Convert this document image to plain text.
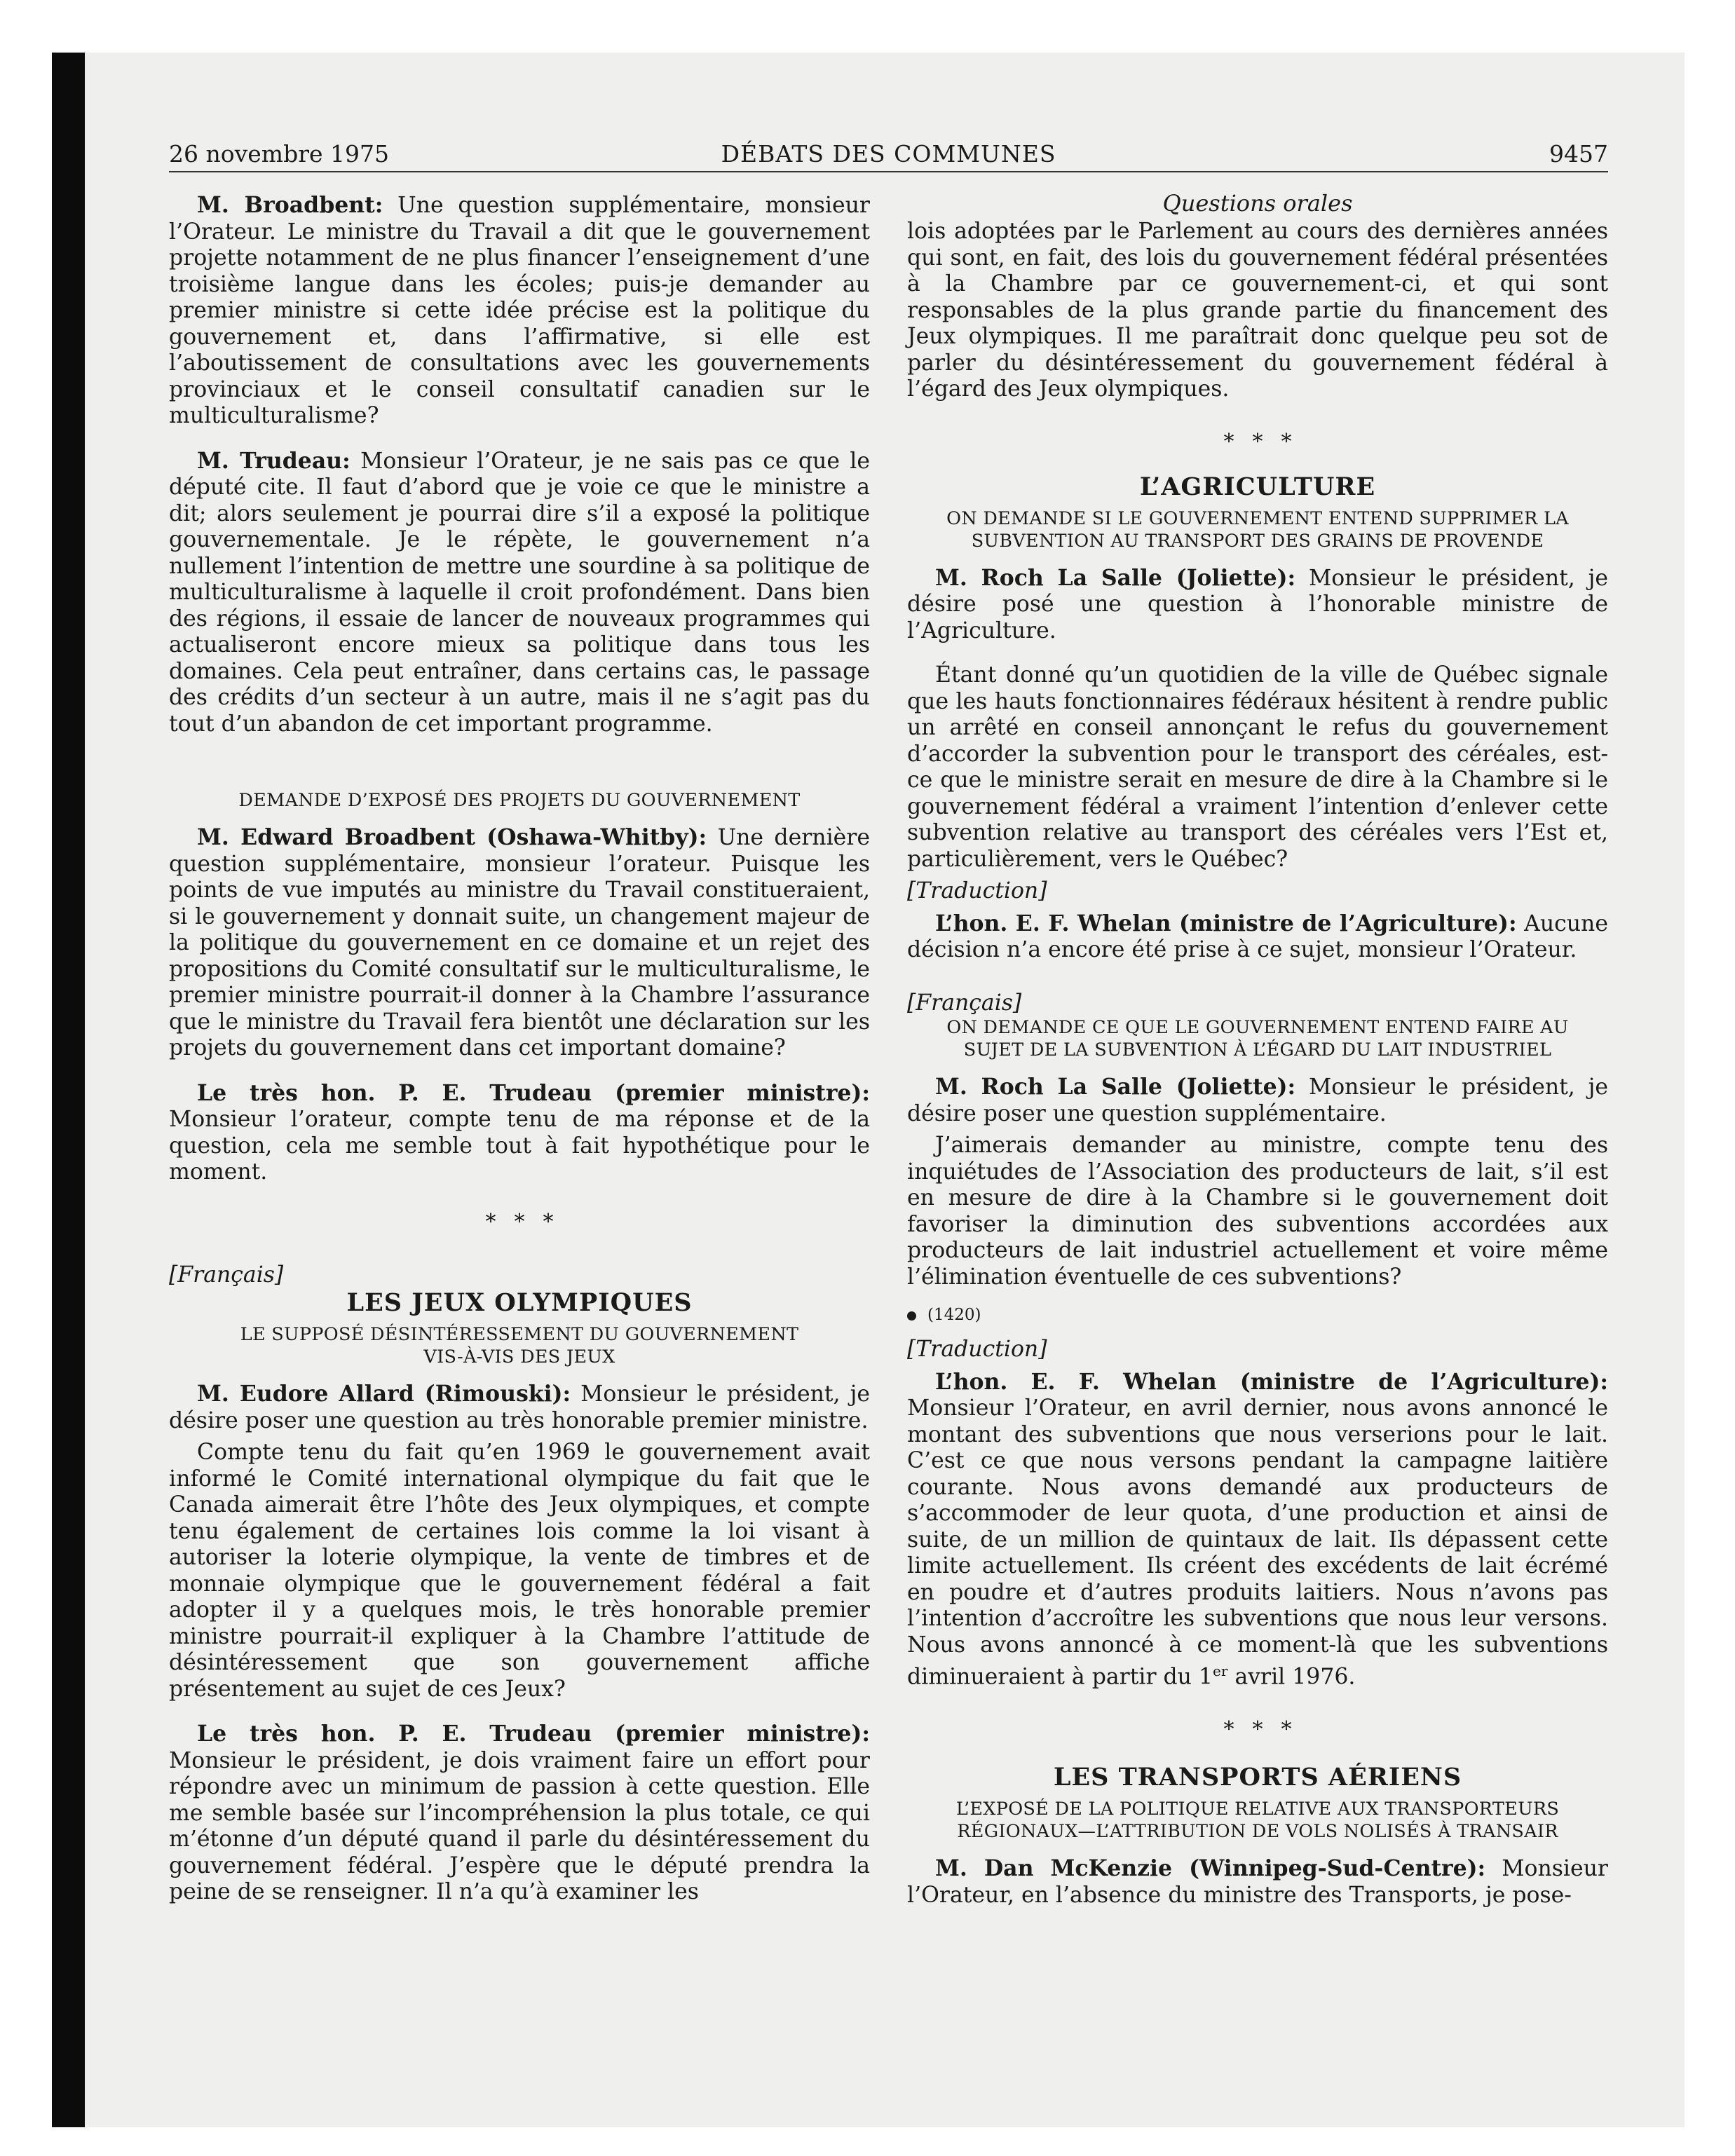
26 novembre 1975	DÉBATS DES COMMUNES	9457

M. Broadbent: Une question supplémentaire, monsieur l’Orateur. Le ministre du Travail a dit que le gouvernement projette notamment de ne plus financer l’enseignement d’une troisième langue dans les écoles; puis-je demander au premier ministre si cette idée précise est la politique du gouvernement et, dans l’affirmative, si elle est l’aboutissement de consultations avec les gouvernements provinciaux et le conseil consultatif canadien sur le multiculturalisme?

M. Trudeau: Monsieur l’Orateur, je ne sais pas ce que le député cite. Il faut d’abord que je voie ce que le ministre a dit; alors seulement je pourrai dire s’il a exposé la politique gouvernementale. Je le répète, le gouvernement n’a nullement l’intention de mettre une sourdine à sa politique de multiculturalisme à laquelle il croit profondément. Dans bien des régions, il essaie de lancer de nouveaux programmes qui actualiseront encore mieux sa politique dans tous les domaines. Cela peut entraîner, dans certains cas, le passage des crédits d’un secteur à un autre, mais il ne s’agit pas du tout d’un abandon de cet important programme.

DEMANDE D’EXPOSÉ DES PROJETS DU GOUVERNEMENT

M. Edward Broadbent (Oshawa-Whitby): Une dernière question supplémentaire, monsieur l’orateur. Puisque les points de vue imputés au ministre du Travail constitueraient, si le gouvernement y donnait suite, un changement majeur de la politique du gouvernement en ce domaine et un rejet des propositions du Comité consultatif sur le multiculturalisme, le premier ministre pourrait-il donner à la Chambre l’assurance que le ministre du Travail fera bientôt une déclaration sur les projets du gouvernement dans cet important domaine?

Le très hon. P. E. Trudeau (premier ministre): Monsieur l’orateur, compte tenu de ma réponse et de la question, cela me semble tout à fait hypothétique pour le moment.

***
[Français]
LES JEUX OLYMPIQUES
LE SUPPOSÉ DÉSINTÉRESSEMENT DU GOUVERNEMENT
VIS-À-VIS DES JEUX

M. Eudore Allard (Rimouski): Monsieur le président, je désire poser une question au très honorable premier ministre.

Compte tenu du fait qu’en 1969 le gouvernement avait informé le Comité international olympique du fait que le Canada aimerait être l’hôte des Jeux olympiques, et compte tenu également de certaines lois comme la loi visant à autoriser la loterie olympique, la vente de timbres et de monnaie olympique que le gouvernement fédéral a fait adopter il y a quelques mois, le très honorable premier ministre pourrait-il expliquer à la Chambre l’attitude de désintéressement que son gouvernement affiche présentement au sujet de ces Jeux?

Le très hon. P. E. Trudeau (premier ministre): Monsieur le président, je dois vraiment faire un effort pour répondre avec un minimum de passion à cette question. Elle me semble basée sur l’incompréhension la plus totale, ce qui m’étonne d’un député quand il parle du désintéressement du gouvernement fédéral. J’espère que le député prendra la peine de se renseigner. Il n’a qu’à examiner les

Questions orales

lois adoptées par le Parlement au cours des dernières années qui sont, en fait, des lois du gouvernement fédéral présentées à la Chambre par ce gouvernement-ci, et qui sont responsables de la plus grande partie du financement des Jeux olympiques. Il me paraîtrait donc quelque peu sot de parler du désintéressement du gouvernement fédéral à l’égard des Jeux olympiques.

***
L’AGRICULTURE
ON DEMANDE SI LE GOUVERNEMENT ENTEND SUPPRIMER LA
SUBVENTION AU TRANSPORT DES GRAINS DE PROVENDE

M. Roch La Salle (Joliette): Monsieur le président, je désire posé une question à l’honorable ministre de l’Agriculture.

Étant donné qu’un quotidien de la ville de Québec signale que les hauts fonctionnaires fédéraux hésitent à rendre public un arrêté en conseil annonçant le refus du gouvernement d’accorder la subvention pour le transport des céréales, est-ce que le ministre serait en mesure de dire à la Chambre si le gouvernement fédéral a vraiment l’intention d’enlever cette subvention relative au transport des céréales vers l’Est et, particulièrement, vers le Québec?

[Traduction]

L’hon. E. F. Whelan (ministre de l’Agriculture): Aucune décision n’a encore été prise à ce sujet, monsieur l’Orateur.

[Français]
ON DEMANDE CE QUE LE GOUVERNEMENT ENTEND FAIRE AU
SUJET DE LA SUBVENTION À L’ÉGARD DU LAIT INDUSTRIEL

M. Roch La Salle (Joliette): Monsieur le président, je désire poser une question supplémentaire.

J’aimerais demander au ministre, compte tenu des inquiétudes de l’Association des producteurs de lait, s’il est en mesure de dire à la Chambre si le gouvernement doit favoriser la diminution des subventions accordées aux producteurs de lait industriel actuellement et voire même l’élimination éventuelle de ces subventions?

(1420)
[Traduction]

L’hon. E. F. Whelan (ministre de l’Agriculture): Monsieur l’Orateur, en avril dernier, nous avons annoncé le montant des subventions que nous verserions pour le lait. C’est ce que nous versons pendant la campagne laitière courante. Nous avons demandé aux producteurs de s’accommoder de leur quota, d’une production et ainsi de suite, de un million de quintaux de lait. Ils dépassent cette limite actuellement. Ils créent des excédents de lait écrémé en poudre et d’autres produits laitiers. Nous n’avons pas l’intention d’accroître les subventions que nous leur versons. Nous avons annoncé à ce moment-là que les subventions diminueraient à partir du 1er avril 1976.

***
LES TRANSPORTS AÉRIENS
L’EXPOSÉ DE LA POLITIQUE RELATIVE AUX TRANSPORTEURS
RÉGIONAUX—L’ATTRIBUTION DE VOLS NOLISÉS À TRANSAIR

M. Dan McKenzie (Winnipeg-Sud-Centre): Monsieur l’Orateur, en l’absence du ministre des Transports, je pose-
